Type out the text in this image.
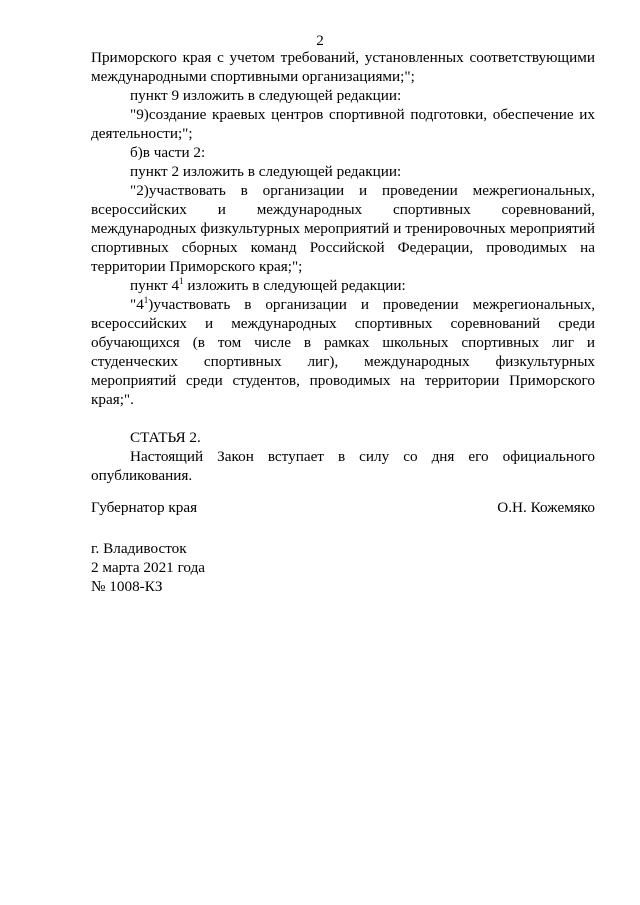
2

Приморского края с учетом требований, установленных соответствующими международными спортивными организациями;";

пункт 9 изложить в следующей редакции:

"9)создание краевых центров спортивной подготовки, обеспечение их деятельности;";

б)в части 2:

пункт 2 изложить в следующей редакции:

"2)участвовать в организации и проведении межрегиональных, всероссийских и международных спортивных соревнований, международных физкультурных мероприятий и тренировочных мероприятий спортивных сборных команд Российской Федерации, проводимых на территории Приморского края;";

пункт $4^1$ изложить в следующей редакции:

"$4^1)участвовать$ в организации и проведении межрегиональных, всероссийских и международных спортивных соревнований среди обучающихся (в том числе в рамках школьных спортивных лиг и студенческих спортивных лиг), международных физкультурных мероприятий среди студентов, проводимых на территории Приморского края;".

СТАТЬЯ 2.

Настоящий Закон вступает в силу со дня его официального опубликования.

Губернатор края	О.Н. Кожемяко
г. Владивосток
2 марта 2021 года
№ 1008-КЗ
